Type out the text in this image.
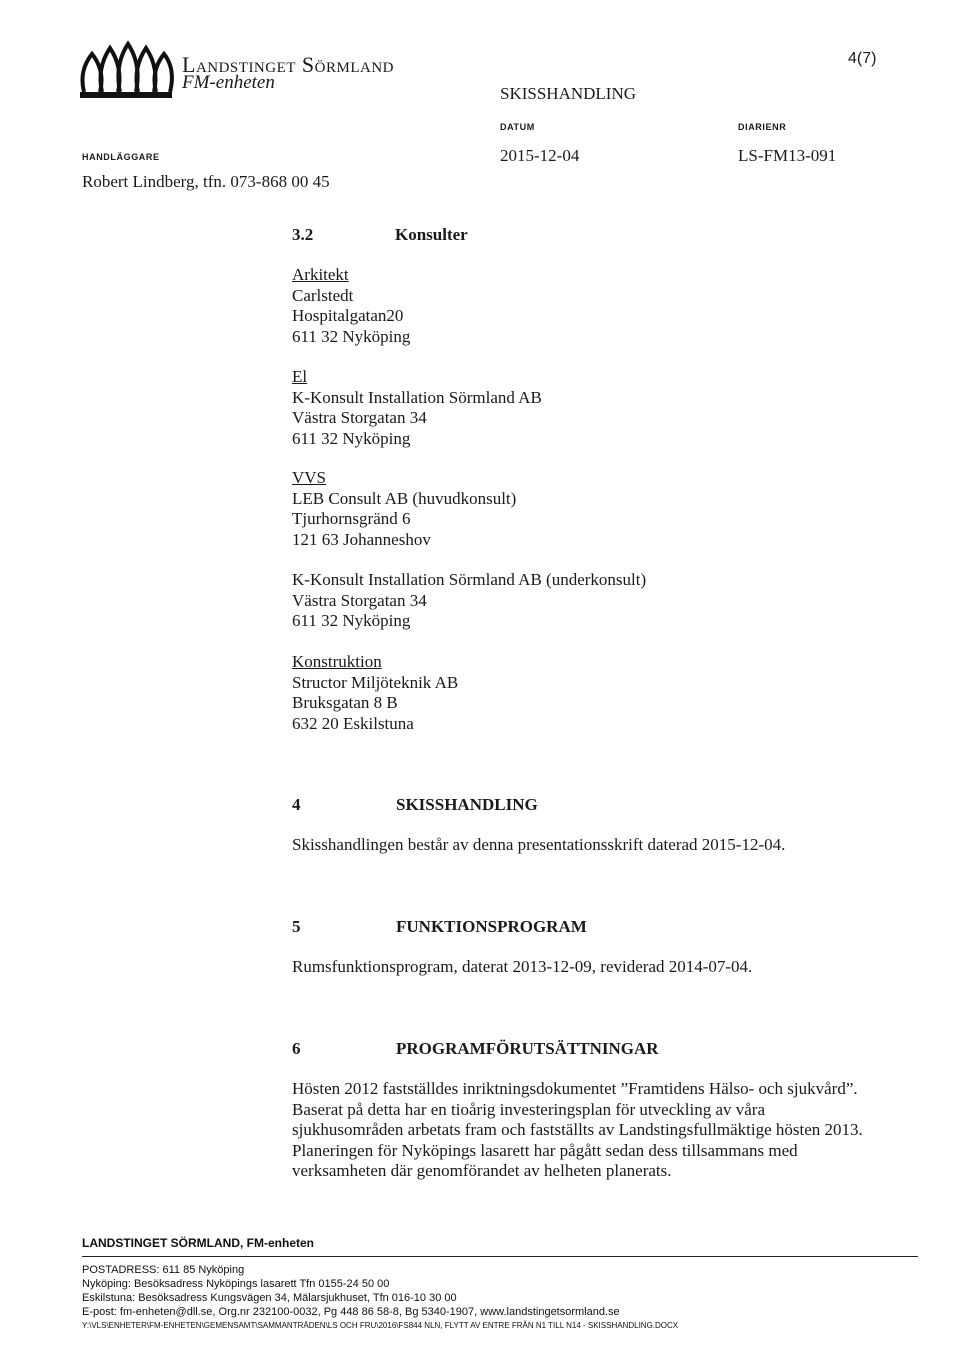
Landstinget Sörmland
FM-enheten
4(7)
SKISSHANDLING
HANDLÄGGARE
DATUM	DIARIENR
2015-12-04	LS-FM13-091
Robert Lindberg, tfn. 073-868 00 45
3.2	Konsulter
Arkitekt
Carlstedt
Hospitalgatan20
611 32 Nyköping
El
K-Konsult Installation Sörmland AB
Västra Storgatan 34
611 32 Nyköping
VVS
LEB Consult AB (huvudkonsult)
Tjurhornsgränd 6
121 63 Johanneshov
K-Konsult Installation Sörmland AB (underkonsult)
Västra Storgatan 34
611 32 Nyköping
Konstruktion
Structor Miljöteknik AB
Bruksgatan 8 B
632 20 Eskilstuna
4	SKISSHANDLING
Skisshandlingen består av denna presentationsskrift daterad 2015-12-04.
5	FUNKTIONSPROGRAM
Rumsfunktionsprogram, daterat 2013-12-09, reviderad 2014-07-04.
6	PROGRAMFÖRUTSÄTTNINGAR
Hösten 2012 fastställdes inriktningsdokumentet ”Framtidens Hälso- och sjukvård”. Baserat på detta har en tioårig investeringsplan för utveckling av våra sjukhusområden arbetats fram och fastställts av Landstingsfullmäktige hösten 2013. Planeringen för Nyköpings lasarett har pågått sedan dess tillsammans med verksamheten där genomförandet av helheten planerats.
LANDSTINGET SÖRMLAND, FM-enheten
POSTADRESS: 611 85 Nyköping
Nyköping: Besöksadress Nyköpings lasarett Tfn 0155-24 50 00
Eskilstuna: Besöksadress Kungsvägen 34, Mälarsjukhuset, Tfn 016-10 30 00
E-post: fm-enheten@dll.se, Org.nr 232100-0032, Pg 448 86 58-8, Bg 5340-1907, www.landstingetsormland.se
Y:\VLS\ENHETER\FM-ENHETEN\GEMENSAMT\SAMMANTRÄDEN\LS OCH FRU\2016\FS844 NLN, FLYTT AV ENTRE FRÅN N1 TILL N14 - SKISSHANDLING.DOCX
